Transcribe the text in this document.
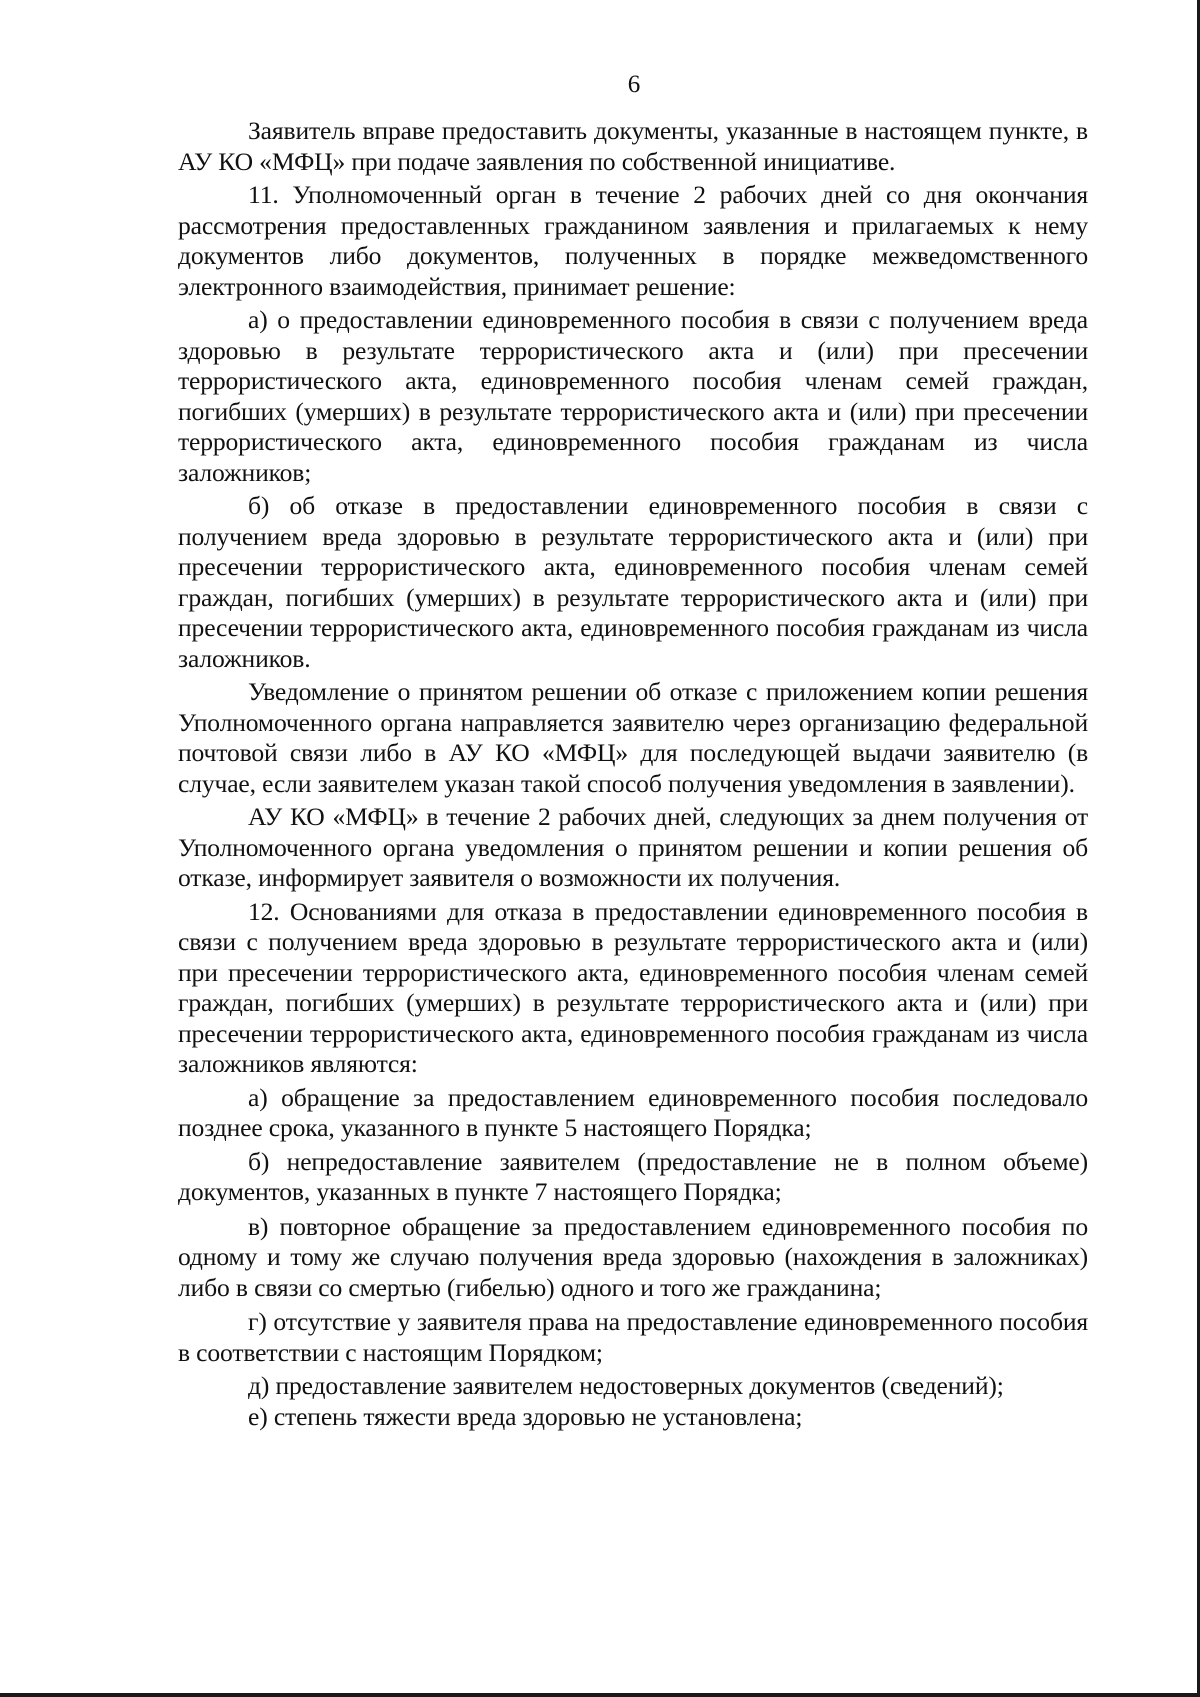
6

Заявитель вправе предоставить документы, указанные в настоящем пункте, в АУ КО «МФЦ» при подаче заявления по собственной инициативе.

11. Уполномоченный орган в течение 2 рабочих дней со дня окончания рассмотрения предоставленных гражданином заявления и прилагаемых к нему документов либо документов, полученных в порядке межведомственного электронного взаимодействия, принимает решение:

а) о предоставлении единовременного пособия в связи с получением вреда здоровью в результате террористического акта и (или) при пресечении террористического акта, единовременного пособия членам семей граждан, погибших (умерших) в результате террористического акта и (или) при пресечении террористического акта, единовременного пособия гражданам из числа заложников;

б) об отказе в предоставлении единовременного пособия в связи с получением вреда здоровью в результате террористического акта и (или) при пресечении террористического акта, единовременного пособия членам семей граждан, погибших (умерших) в результате террористического акта и (или) при пресечении террористического акта, единовременного пособия гражданам из числа заложников.

Уведомление о принятом решении об отказе с приложением копии решения Уполномоченного органа направляется заявителю через организацию федеральной почтовой связи либо в АУ КО «МФЦ» для последующей выдачи заявителю (в случае, если заявителем указан такой способ получения уведомления в заявлении).

АУ КО «МФЦ» в течение 2 рабочих дней, следующих за днем получения от Уполномоченного органа уведомления о принятом решении и копии решения об отказе, информирует заявителя о возможности их получения.

12. Основаниями для отказа в предоставлении единовременного пособия в связи с получением вреда здоровью в результате террористического акта и (или) при пресечении террористического акта, единовременного пособия членам семей граждан, погибших (умерших) в результате террористического акта и (или) при пресечении террористического акта, единовременного пособия гражданам из числа заложников являются:

а) обращение за предоставлением единовременного пособия последовало позднее срока, указанного в пункте 5 настоящего Порядка;

б) непредоставление заявителем (предоставление не в полном объеме) документов, указанных в пункте 7 настоящего Порядка;

в) повторное обращение за предоставлением единовременного пособия по одному и тому же случаю получения вреда здоровью (нахождения в заложниках) либо в связи со смертью (гибелью) одного и того же гражданина;

г) отсутствие у заявителя права на предоставление единовременного пособия в соответствии с настоящим Порядком;

д) предоставление заявителем недостоверных документов (сведений);

е) степень тяжести вреда здоровью не установлена;
